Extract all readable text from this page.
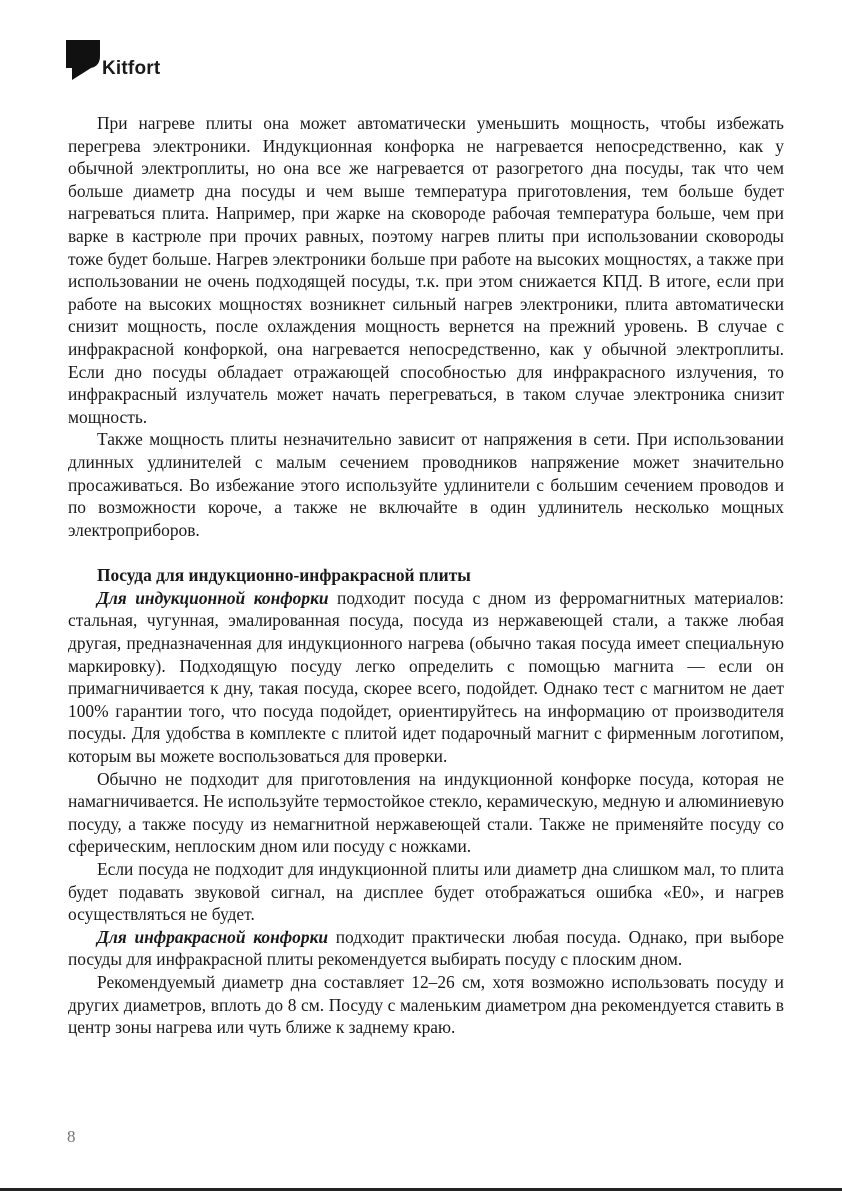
Kitfort

При нагреве плиты она может автоматически уменьшить мощность, чтобы избежать перегрева электроники. Индукционная конфорка не нагревается непосредственно, как у обычной электроплиты, но она все же нагревается от разогретого дна посуды, так что чем больше диаметр дна посуды и чем выше температура приготовления, тем больше будет нагреваться плита. Например, при жарке на сковороде рабочая температура больше, чем при варке в кастрюле при прочих равных, поэтому нагрев плиты при использовании сковороды тоже будет больше. Нагрев электроники больше при работе на высоких мощностях, а также при использовании не очень подходящей посуды, т.к. при этом снижается КПД. В итоге, если при работе на высоких мощностях возникнет сильный нагрев электроники, плита автоматически снизит мощность, после охлаждения мощность вернется на прежний уровень. В случае с инфракрасной конфоркой, она нагревается непосредственно, как у обычной электроплиты. Если дно посуды обладает отражающей способностью для инфракрасного излучения, то инфракрасный излучатель может начать перегреваться, в таком случае электроника снизит мощность.

Также мощность плиты незначительно зависит от напряжения в сети. При использовании длинных удлинителей с малым сечением проводников напряжение может значительно просаживаться. Во избежание этого используйте удлинители с большим сечением проводов и по возможности короче, а также не включайте в один удлинитель несколько мощных электроприборов.

Посуда для индукционно-инфракрасной плиты

Для индукционной конфорки подходит посуда с дном из ферромагнитных материалов: стальная, чугунная, эмалированная посуда, посуда из нержавеющей стали, а также любая другая, предназначенная для индукционного нагрева (обычно такая посуда имеет специальную маркировку). Подходящую посуду легко определить с помощью магнита — если он примагничивается к дну, такая посуда, скорее всего, подойдет. Однако тест с магнитом не дает 100% гарантии того, что посуда подойдет, ориентируйтесь на информацию от производителя посуды. Для удобства в комплекте с плитой идет подарочный магнит с фирменным логотипом, которым вы можете воспользоваться для проверки.

Обычно не подходит для приготовления на индукционной конфорке посуда, которая не намагничивается. Не используйте термостойкое стекло, керамическую, медную и алюминиевую посуду, а также посуду из немагнитной нержавеющей стали. Также не применяйте посуду со сферическим, неплоским дном или посуду с ножками.

Если посуда не подходит для индукционной плиты или диаметр дна слишком мал, то плита будет подавать звуковой сигнал, на дисплее будет отображаться ошибка «E0», и нагрев осуществляться не будет.

Для инфракрасной конфорки подходит практически любая посуда. Однако, при выборе посуды для инфракрасной плиты рекомендуется выбирать посуду с плоским дном.

Рекомендуемый диаметр дна составляет 12–26 см, хотя возможно использовать посуду и других диаметров, вплоть до 8 см. Посуду с маленьким диаметром дна рекомендуется ставить в центр зоны нагрева или чуть ближе к заднему краю.

8
